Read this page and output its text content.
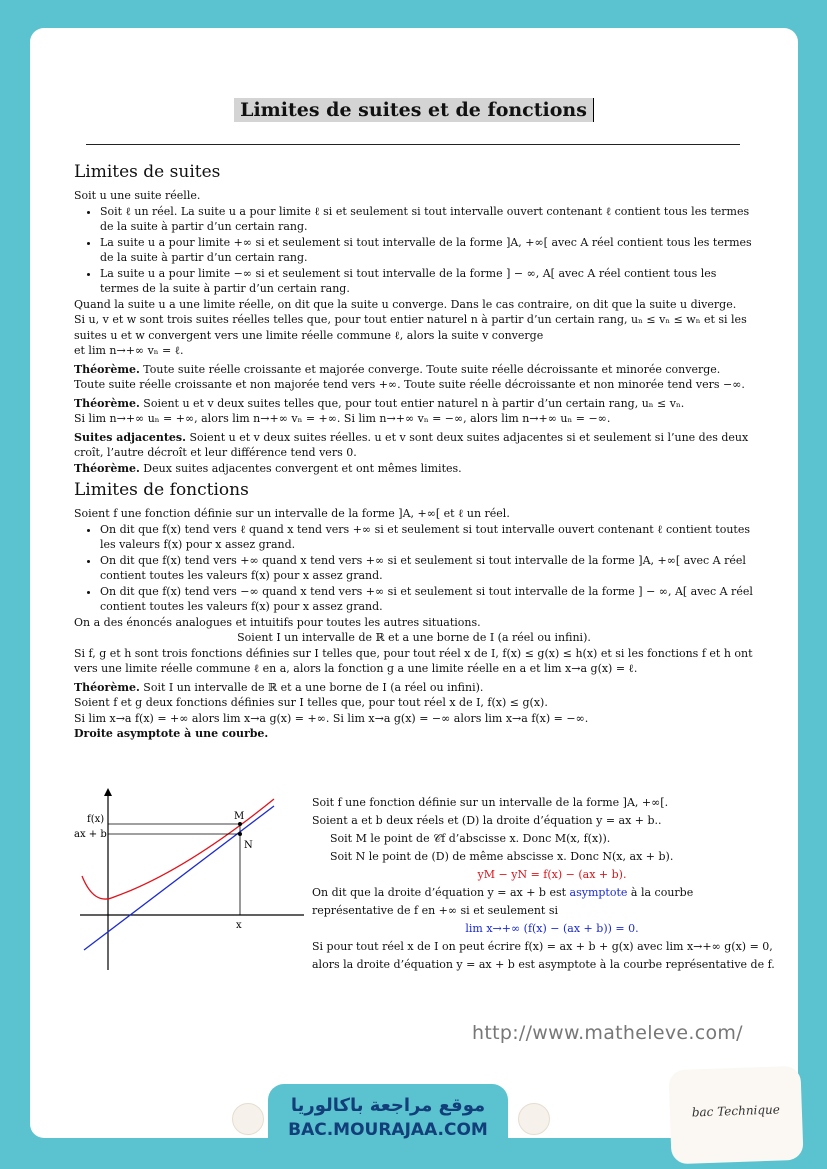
Limites de suites et de fonctions
Limites de suites

Soit u une suite réelle.

• Soit ℓ un réel. La suite u a pour limite ℓ si et seulement si tout intervalle ouvert contenant ℓ contient tous les termes de la suite à partir d’un certain rang.
• La suite u a pour limite +∞ si et seulement si tout intervalle de la forme ]A, +∞[ avec A réel contient tous les termes de la suite à partir d’un certain rang.
• La suite u a pour limite −∞ si et seulement si tout intervalle de la forme ] − ∞, A[ avec A réel contient tous les termes de la suite à partir d’un certain rang.

Quand la suite u a une limite réelle, on dit que la suite u converge. Dans le cas contraire, on dit que la suite u diverge.

Si u, v et w sont trois suites réelles telles que, pour tout entier naturel n à partir d’un certain rang, uₙ ≤ vₙ ≤ wₙ et si les suites u et w convergent vers une limite réelle commune ℓ, alors la suite v converge

et lim n→+∞ vₙ = ℓ.

Théorème. Toute suite réelle croissante et majorée converge. Toute suite réelle décroissante et minorée converge.

Toute suite réelle croissante et non majorée tend vers +∞. Toute suite réelle décroissante et non minorée tend vers −∞.

Théorème. Soient u et v deux suites telles que, pour tout entier naturel n à partir d’un certain rang, uₙ ≤ vₙ.

Si lim n→+∞ uₙ = +∞, alors lim n→+∞ vₙ = +∞. Si lim n→+∞ vₙ = −∞, alors lim n→+∞ uₙ = −∞.

Suites adjacentes. Soient u et v deux suites réelles. u et v sont deux suites adjacentes si et seulement si l’une des deux croît, l’autre décroît et leur différence tend vers 0.

Théorème. Deux suites adjacentes convergent et ont mêmes limites.

Limites de fonctions

Soient f une fonction définie sur un intervalle de la forme ]A, +∞[ et ℓ un réel.

• On dit que f(x) tend vers ℓ quand x tend vers +∞ si et seulement si tout intervalle ouvert contenant ℓ contient toutes les valeurs f(x) pour x assez grand.
• On dit que f(x) tend vers +∞ quand x tend vers +∞ si et seulement si tout intervalle de la forme ]A, +∞[ avec A réel contient toutes les valeurs f(x) pour x assez grand.
• On dit que f(x) tend vers −∞ quand x tend vers +∞ si et seulement si tout intervalle de la forme ] − ∞, A[ avec A réel contient toutes les valeurs f(x) pour x assez grand.

On a des énoncés analogues et intuitifs pour toutes les autres situations.

Soient I un intervalle de ℝ et a une borne de I (a réel ou infini).

Si f, g et h sont trois fonctions définies sur I telles que, pour tout réel x de I, f(x) ≤ g(x) ≤ h(x) et si les fonctions f et h ont vers une limite réelle commune ℓ en a, alors la fonction g a une limite réelle en a et lim x→a g(x) = ℓ.

Théorème. Soit I un intervalle de ℝ et a une borne de I (a réel ou infini).

Soient f et g deux fonctions définies sur I telles que, pour tout réel x de I, f(x) ≤ g(x).

Si lim x→a f(x) = +∞ alors lim x→a g(x) = +∞. Si lim x→a g(x) = −∞ alors lim x→a f(x) = −∞.

Droite asymptote à une courbe.

f(x)
ax + b
M
N
x

Soit f une fonction définie sur un intervalle de la forme ]A, +∞[.

Soient a et b deux réels et (D) la droite d’équation y = ax + b..

Soit M le point de 𝒞f d’abscisse x. Donc M(x, f(x)).

Soit N le point de (D) de même abscisse x. Donc N(x, ax + b).

yM − yN = f(x) − (ax + b).

On dit que la droite d’équation y = ax + b est asymptote à la courbe

représentative de f en +∞ si et seulement si

lim x→+∞ (f(x) − (ax + b)) = 0.

Si pour tout réel x de I on peut écrire f(x) = ax + b + g(x) avec lim x→+∞ g(x) = 0,

alors la droite d’équation y = ax + b est asymptote à la courbe représentative de f.

http://www.matheleve.com/
موقع مراجعة باكالوريا
BAC.MOURAJAA.COM
bac Technique
